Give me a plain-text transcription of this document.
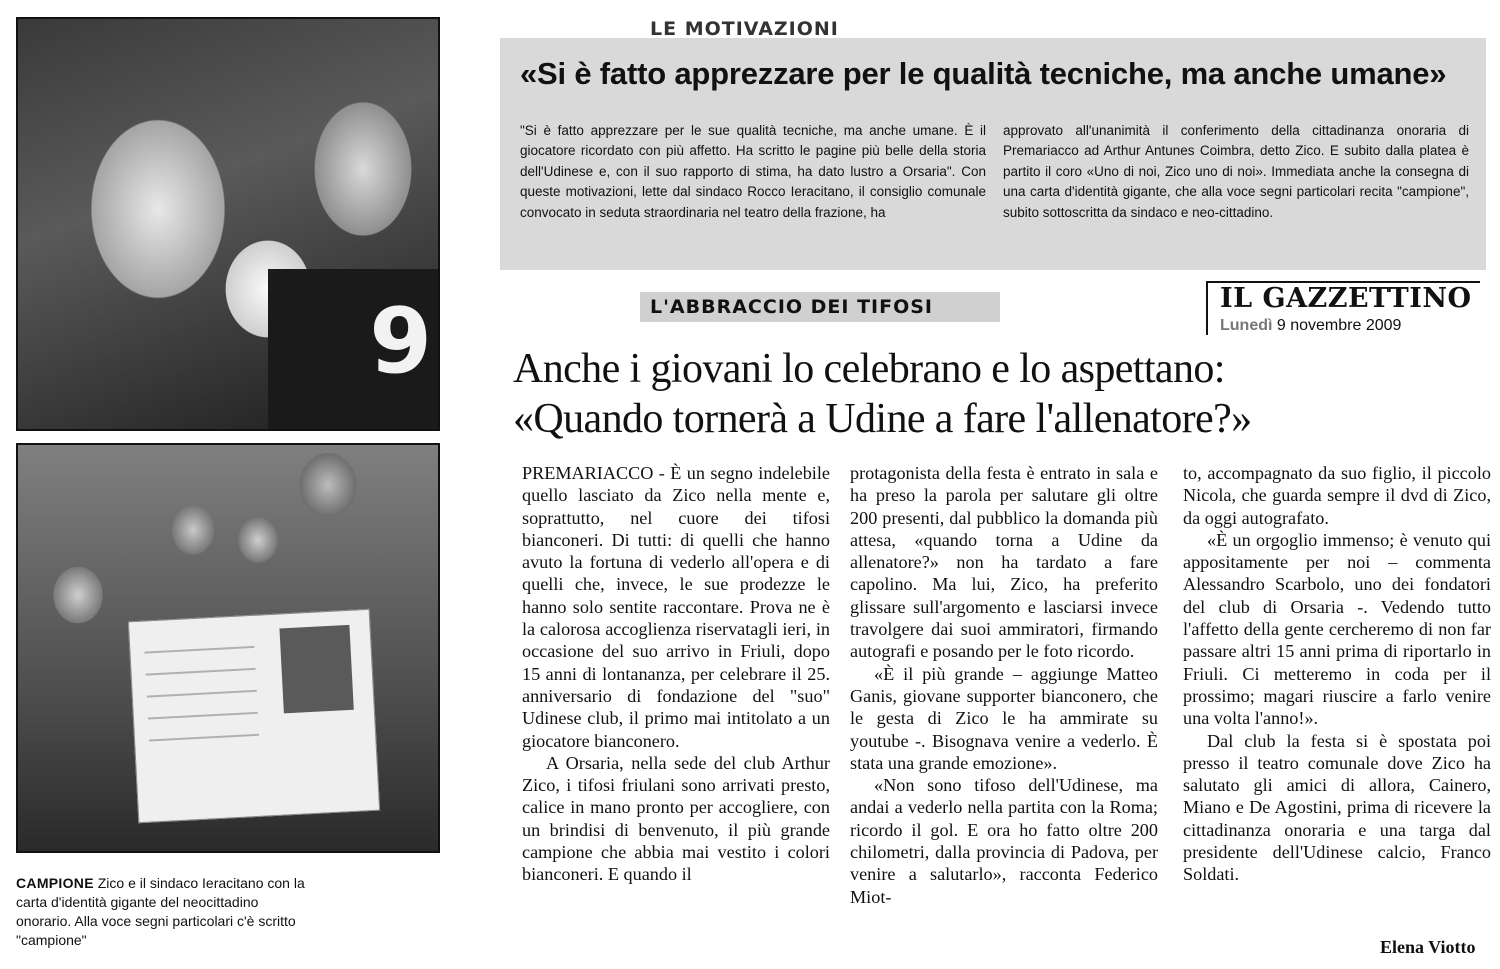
9
CAMPIONE Zico e il sindaco Ieracitano con la carta d'identità gigante del neocittadino onorario. Alla voce segni particolari c'è scritto "campione"
LE MOTIVAZIONI
«Si è fatto apprezzare per le qualità tecniche, ma anche umane»
"Si è fatto apprezzare per le sue qualità tecniche, ma anche umane. È il giocatore ricordato con più affetto. Ha scritto le pagine più belle della storia dell'Udinese e, con il suo rapporto di stima, ha dato lustro a Orsaria". Con queste motivazioni, lette dal sindaco Rocco Ieracitano, il consiglio comunale convocato in seduta straordinaria nel teatro della frazione, ha
approvato all'unanimità il conferimento della cittadinanza onoraria di Premariacco ad Arthur Antunes Coimbra, detto Zico. E subito dalla platea è partito il coro «Uno di noi, Zico uno di noi». Immediata anche la consegna di una carta d'identità gigante, che alla voce segni particolari recita "campione", subito sottoscritta da sindaco e neo-cittadino.
L'ABBRACCIO DEI TIFOSI	IL GAZZETTINO
Lunedì 9 novembre 2009
Anche i giovani lo celebrano e lo aspettano:
«Quando tornerà a Udine a fare l'allenatore?»

PREMARIACCO - È un segno indelebile quello lasciato da Zico nella mente e, soprattutto, nel cuore dei tifosi bianconeri. Di tutti: di quelli che hanno avuto la fortuna di vederlo all'opera e di quelli che, invece, le sue prodezze le hanno solo sentite raccontare. Prova ne è la calorosa accoglienza riservatagli ieri, in occasione del suo arrivo in Friuli, dopo 15 anni di lontananza, per celebrare il 25. anniversario di fondazione del "suo" Udinese club, il primo mai intitolato a un giocatore bianconero.

A Orsaria, nella sede del club Arthur Zico, i tifosi friulani sono arrivati presto, calice in mano pronto per accogliere, con un brindisi di benvenuto, il più grande campione che abbia mai vestito i colori bianconeri. E quando il

protagonista della festa è entrato in sala e ha preso la parola per salutare gli oltre 200 presenti, dal pubblico la domanda più attesa, «quando torna a Udine da allenatore?» non ha tardato a fare capolino. Ma lui, Zico, ha preferito glissare sull'argomento e lasciarsi invece travolgere dai suoi ammiratori, firmando autografi e posando per le foto ricordo.

«È il più grande – aggiunge Matteo Ganis, giovane supporter bianconero, che le gesta di Zico le ha ammirate su youtube -. Bisognava venire a vederlo. È stata una grande emozione».

«Non sono tifoso dell'Udinese, ma andai a vederlo nella partita con la Roma; ricordo il gol. E ora ho fatto oltre 200 chilometri, dalla provincia di Padova, per venire a salutarlo», racconta Federico Miot-

to, accompagnato da suo figlio, il piccolo Nicola, che guarda sempre il dvd di Zico, da oggi autografato.

«È un orgoglio immenso; è venuto qui appositamente per noi – commenta Alessandro Scarbolo, uno dei fondatori del club di Orsaria -. Vedendo tutto l'affetto della gente cercheremo di non far passare altri 15 anni prima di riportarlo in Friuli. Ci metteremo in coda per il prossimo; magari riuscire a farlo venire una volta l'anno!».

Dal club la festa si è spostata poi presso il teatro comunale dove Zico ha salutato gli amici di allora, Cainero, Miano e De Agostini, prima di ricevere la cittadinanza onoraria e una targa dal presidente dell'Udinese calcio, Franco Soldati.

Elena Viotto
